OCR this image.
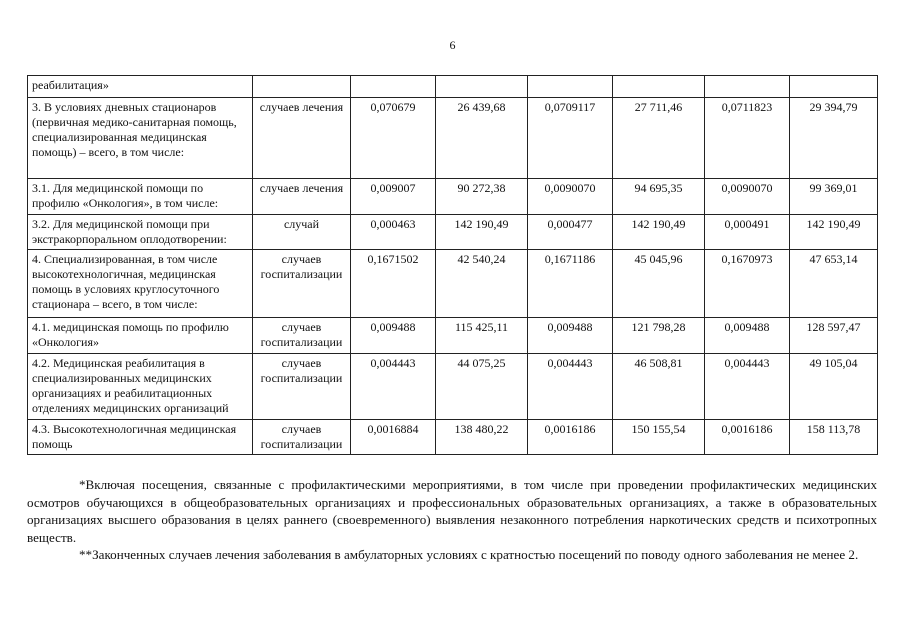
6
реабилитация»							
3. В условиях дневных стационаров (первичная медико-санитарная помощь, специализированная медицинская помощь) – всего, в том числе:	случаев лечения	0,070679	26 439,68	0,0709117	27 711,46	0,0711823	29 394,79
3.1. Для медицинской помощи по профилю «Онкология», в том числе:	случаев лечения	0,009007	90 272,38	0,0090070	94 695,35	0,0090070	99 369,01
3.2. Для медицинской помощи при экстракорпоральном оплодотворении:	случай	0,000463	142 190,49	0,000477	142 190,49	0,000491	142 190,49
4. Специализированная, в том числе высокотехнологичная, медицинская помощь в условиях круглосуточного стационара – всего, в том числе:	случаев госпитализации	0,1671502	42 540,24	0,1671186	45 045,96	0,1670973	47 653,14
4.1. медицинская помощь по профилю «Онкология»	случаев госпитализации	0,009488	115 425,11	0,009488	121 798,28	0,009488	128 597,47
4.2. Медицинская реабилитация в специализированных медицинских организациях и реабилитационных отделениях медицинских организаций	случаев госпитализации	0,004443	44 075,25	0,004443	46 508,81	0,004443	49 105,04
4.3. Высокотехнологичная медицинская помощь	случаев госпитализации	0,0016884	138 480,22	0,0016186	150 155,54	0,0016186	158 113,78

*Включая посещения, связанные с профилактическими мероприятиями, в том числе при проведении профилактических медицинских осмотров обучающихся в общеобразовательных организациях и профессиональных образовательных организациях, а также в образовательных организациях высшего образования в целях раннего (своевременного) выявления незаконного потребления наркотических средств и психотропных веществ.

**Законченных случаев лечения заболевания в амбулаторных условиях с кратностью посещений по поводу одного заболевания не менее 2.
